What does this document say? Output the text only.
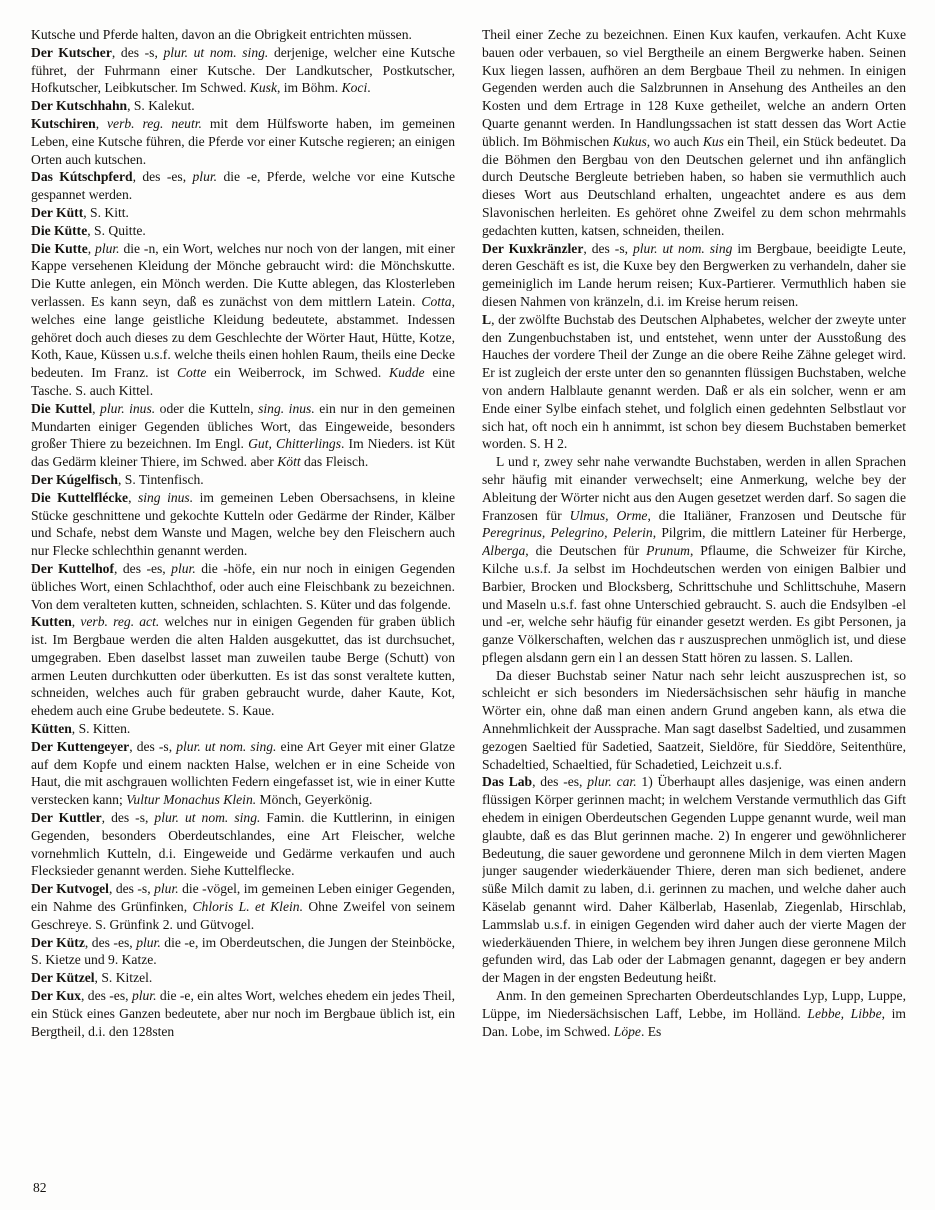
Kutsche und Pferde halten, davon an die Obrigkeit entrichten müssen.

Der Kutscher, des -s, plur. ut nom. sing. derjenige, welcher eine Kutsche führet, der Fuhrmann einer Kutsche. Der Landkutscher, Postkutscher, Hofkutscher, Leibkutscher. Im Schwed. Kusk, im Böhm. Koci.

Der Kutschhahn, S. Kalekut.

Kutschiren, verb. reg. neutr. mit dem Hülfsworte haben, im gemeinen Leben, eine Kutsche führen, die Pferde vor einer Kutsche regieren; an einigen Orten auch kutschen.

Das Kútschpferd, des -es, plur. die -e, Pferde, welche vor eine Kutsche gespannet werden.

Der Kütt, S. Kitt.

Die Kütte, S. Quitte.

Die Kutte, plur. die -n, ein Wort, welches nur noch von der langen, mit einer Kappe versehenen Kleidung der Mönche gebraucht wird: die Mönchskutte. Die Kutte anlegen, ein Mönch werden. Die Kutte ablegen, das Klosterleben verlassen. Es kann seyn, daß es zunächst von dem mittlern Latein. Cotta, welches eine lange geistliche Kleidung bedeutete, abstammet. Indessen gehöret doch auch dieses zu dem Geschlechte der Wörter Haut, Hütte, Kotze, Koth, Kaue, Küssen u.s.f. welche theils einen hohlen Raum, theils eine Decke bedeuten. Im Franz. ist Cotte ein Weiberrock, im Schwed. Kudde eine Tasche. S. auch Kittel.

Die Kuttel, plur. inus. oder die Kutteln, sing. inus. ein nur in den gemeinen Mundarten einiger Gegenden übliches Wort, das Eingeweide, besonders großer Thiere zu bezeichnen. Im Engl. Gut, Chitterlings. Im Nieders. ist Küt das Gedärm kleiner Thiere, im Schwed. aber Kött das Fleisch.

Der Kúgelfisch, S. Tintenfisch.

Die Kuttelflécke, sing inus. im gemeinen Leben Obersachsens, in kleine Stücke geschnittene und gekochte Kutteln oder Gedärme der Rinder, Kälber und Schafe, nebst dem Wanste und Magen, welche bey den Fleischern auch nur Flecke schlechthin genannt werden.

Der Kuttelhof, des -es, plur. die -höfe, ein nur noch in einigen Gegenden übliches Wort, einen Schlachthof, oder auch eine Fleischbank zu bezeichnen. Von dem veralteten kutten, schneiden, schlachten. S. Küter und das folgende.

Kutten, verb. reg. act. welches nur in einigen Gegenden für graben üblich ist. Im Bergbaue werden die alten Halden ausgekuttet, das ist durchsuchet, umgegraben. Eben daselbst lasset man zuweilen taube Berge (Schutt) von armen Leuten durchkutten oder überkutten. Es ist das sonst veraltete kutten, schneiden, welches auch für graben gebraucht wurde, daher Kaute, Kot, ehedem auch eine Grube bedeutete. S. Kaue.

Kütten, S. Kitten.

Der Kuttengeyer, des -s, plur. ut nom. sing. eine Art Geyer mit einer Glatze auf dem Kopfe und einem nackten Halse, welchen er in eine Scheide von Haut, die mit aschgrauen wollichten Federn eingefasset ist, wie in einer Kutte verstecken kann; Vultur Monachus Klein. Mönch, Geyerkönig.

Der Kuttler, des -s, plur. ut nom. sing. Famin. die Kuttlerinn, in einigen Gegenden, besonders Oberdeutschlandes, eine Art Fleischer, welche vornehmlich Kutteln, d.i. Eingeweide und Gedärme verkaufen und auch Flecksieder genannt werden. Siehe Kuttelflecke.

Der Kutvogel, des -s, plur. die -vögel, im gemeinen Leben einiger Gegenden, ein Nahme des Grünfinken, Chloris L. et Klein. Ohne Zweifel von seinem Geschreye. S. Grünfink 2. und Gütvogel.

Der Kütz, des -es, plur. die -e, im Oberdeutschen, die Jungen der Steinböcke, S. Kietze und 9. Katze.

Der Kützel, S. Kitzel.

Der Kux, des -es, plur. die -e, ein altes Wort, welches ehedem ein jedes Theil, ein Stück eines Ganzen bedeutete, aber nur noch im Bergbaue üblich ist, ein Bergtheil, d.i. den 128sten

Theil einer Zeche zu bezeichnen. Einen Kux kaufen, verkaufen. Acht Kuxe bauen oder verbauen, so viel Bergtheile an einem Bergwerke haben. Seinen Kux liegen lassen, aufhören an dem Bergbaue Theil zu nehmen. In einigen Gegenden werden auch die Salzbrunnen in Ansehung des Antheiles an den Kosten und dem Ertrage in 128 Kuxe getheilet, welche an andern Orten Quarte genannt werden. In Handlungssachen ist statt dessen das Wort Actie üblich. Im Böhmischen Kukus, wo auch Kus ein Theil, ein Stück bedeutet. Da die Böhmen den Bergbau von den Deutschen gelernet und ihn anfänglich durch Deutsche Bergleute betrieben haben, so haben sie vermuthlich auch dieses Wort aus Deutschland erhalten, ungeachtet andere es aus dem Slavonischen herleiten. Es gehöret ohne Zweifel zu dem schon mehrmahls gedachten kutten, katsen, schneiden, theilen.

Der Kuxkränzler, des -s, plur. ut nom. sing im Bergbaue, beeidigte Leute, deren Geschäft es ist, die Kuxe bey den Bergwerken zu verhandeln, daher sie gemeiniglich im Lande herum reisen; Kux-Partierer. Vermuthlich haben sie diesen Nahmen von kränzeln, d.i. im Kreise herum reisen.

L, der zwölfte Buchstab des Deutschen Alphabetes, welcher der zweyte unter den Zungenbuchstaben ist, und entstehet, wenn unter der Ausstoßung des Hauches der vordere Theil der Zunge an die obere Reihe Zähne geleget wird. Er ist zugleich der erste unter den so genannten flüssigen Buchstaben, welche von andern Halblaute genannt werden. Daß er als ein solcher, wenn er am Ende einer Sylbe einfach stehet, und folglich einen gedehnten Selbstlaut vor sich hat, oft noch ein h annimmt, ist schon bey diesem Buchstaben bemerket worden. S. H 2.

L und r, zwey sehr nahe verwandte Buchstaben, werden in allen Sprachen sehr häufig mit einander verwechselt; eine Anmerkung, welche bey der Ableitung der Wörter nicht aus den Augen gesetzet werden darf. So sagen die Franzosen für Ulmus, Orme, die Italiäner, Franzosen und Deutsche für Peregrinus, Pelegrino, Pelerin, Pilgrim, die mittlern Lateiner für Herberge, Alberga, die Deutschen für Prunum, Pflaume, die Schweizer für Kirche, Kilche u.s.f. Ja selbst im Hochdeutschen werden von einigen Balbier und Barbier, Brocken und Blocksberg, Schrittschuhe und Schlittschuhe, Masern und Maseln u.s.f. fast ohne Unterschied gebraucht. S. auch die Endsylben -el und -er, welche sehr häufig für einander gesetzt werden. Es gibt Personen, ja ganze Völkerschaften, welchen das r auszusprechen unmöglich ist, und diese pflegen alsdann gern ein l an dessen Statt hören zu lassen. S. Lallen.

Da dieser Buchstab seiner Natur nach sehr leicht auszusprechen ist, so schleicht er sich besonders im Niedersächsischen sehr häufig in manche Wörter ein, ohne daß man einen andern Grund angeben kann, als etwa die Annehmlichkeit der Aussprache. Man sagt daselbst Sadeltied, und zusammen gezogen Saeltied für Sadetied, Saatzeit, Sieldöre, für Sieddöre, Seitenthüre, Schadeltied, Schaeltied, für Schadetied, Leichzeit u.s.f.

Das Lab, des -es, plur. car. 1) Überhaupt alles dasjenige, was einen andern flüssigen Körper gerinnen macht; in welchem Verstande vermuthlich das Gift ehedem in einigen Oberdeutschen Gegenden Luppe genannt wurde, weil man glaubte, daß es das Blut gerinnen mache. 2) In engerer und gewöhnlicherer Bedeutung, die sauer gewordene und geronnene Milch in dem vierten Magen junger saugender wiederkäuender Thiere, deren man sich bedienet, andere süße Milch damit zu laben, d.i. gerinnen zu machen, und welche daher auch Käselab genannt wird. Daher Kälberlab, Hasenlab, Ziegenlab, Hirschlab, Lammslab u.s.f. in einigen Gegenden wird daher auch der vierte Magen der wiederkäuenden Thiere, in welchem bey ihren Jungen diese geronnene Milch gefunden wird, das Lab oder der Labmagen genannt, dagegen er bey andern der Magen in der engsten Bedeutung heißt.

Anm. In den gemeinen Sprecharten Oberdeutschlandes Lyp, Lupp, Luppe, Lüppe, im Niedersächsischen Laff, Lebbe, im Holländ. Lebbe, Libbe, im Dan. Lobe, im Schwed. Löpe. Es

82
